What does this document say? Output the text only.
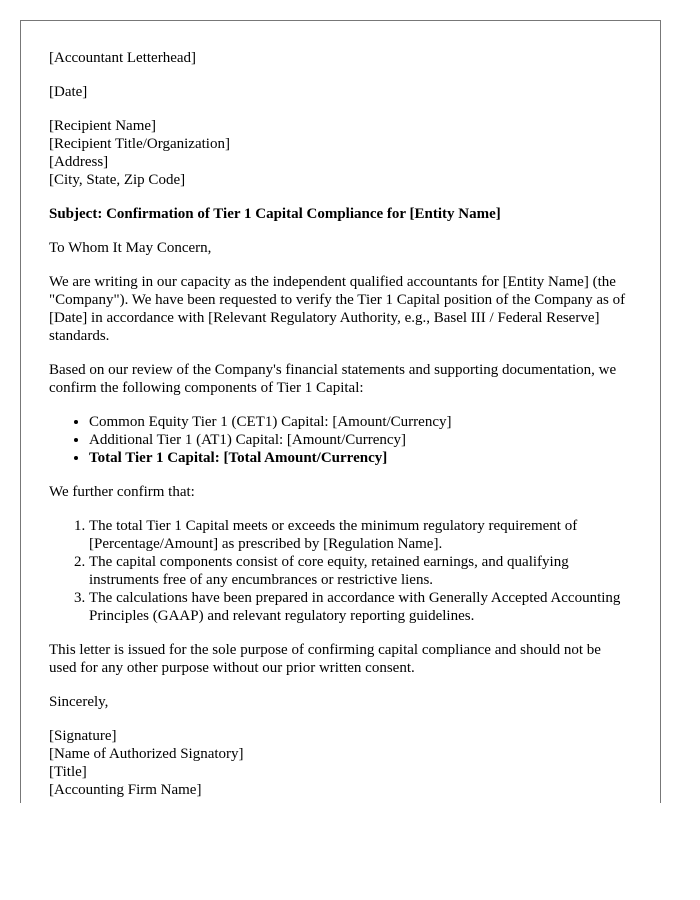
[Accountant Letterhead]

[Date]

[Recipient Name]
[Recipient Title/Organization]
[Address]
[City, State, Zip Code]

Subject: Confirmation of Tier 1 Capital Compliance for [Entity Name]

To Whom It May Concern,

We are writing in our capacity as the independent qualified accountants for [Entity Name] (the "Company"). We have been requested to verify the Tier 1 Capital position of the Company as of [Date] in accordance with [Relevant Regulatory Authority, e.g., Basel III / Federal Reserve] standards.

Based on our review of the Company's financial statements and supporting documentation, we confirm the following components of Tier 1 Capital:

• Common Equity Tier 1 (CET1) Capital: [Amount/Currency]
• Additional Tier 1 (AT1) Capital: [Amount/Currency]
• Total Tier 1 Capital: [Total Amount/Currency]

We further confirm that:

1. The total Tier 1 Capital meets or exceeds the minimum regulatory requirement of [Percentage/Amount] as prescribed by [Regulation Name].
2. The capital components consist of core equity, retained earnings, and qualifying instruments free of any encumbrances or restrictive liens.
3. The calculations have been prepared in accordance with Generally Accepted Accounting Principles (GAAP) and relevant regulatory reporting guidelines.

This letter is issued for the sole purpose of confirming capital compliance and should not be used for any other purpose without our prior written consent.

Sincerely,

[Signature]
[Name of Authorized Signatory]
[Title]
[Accounting Firm Name]
